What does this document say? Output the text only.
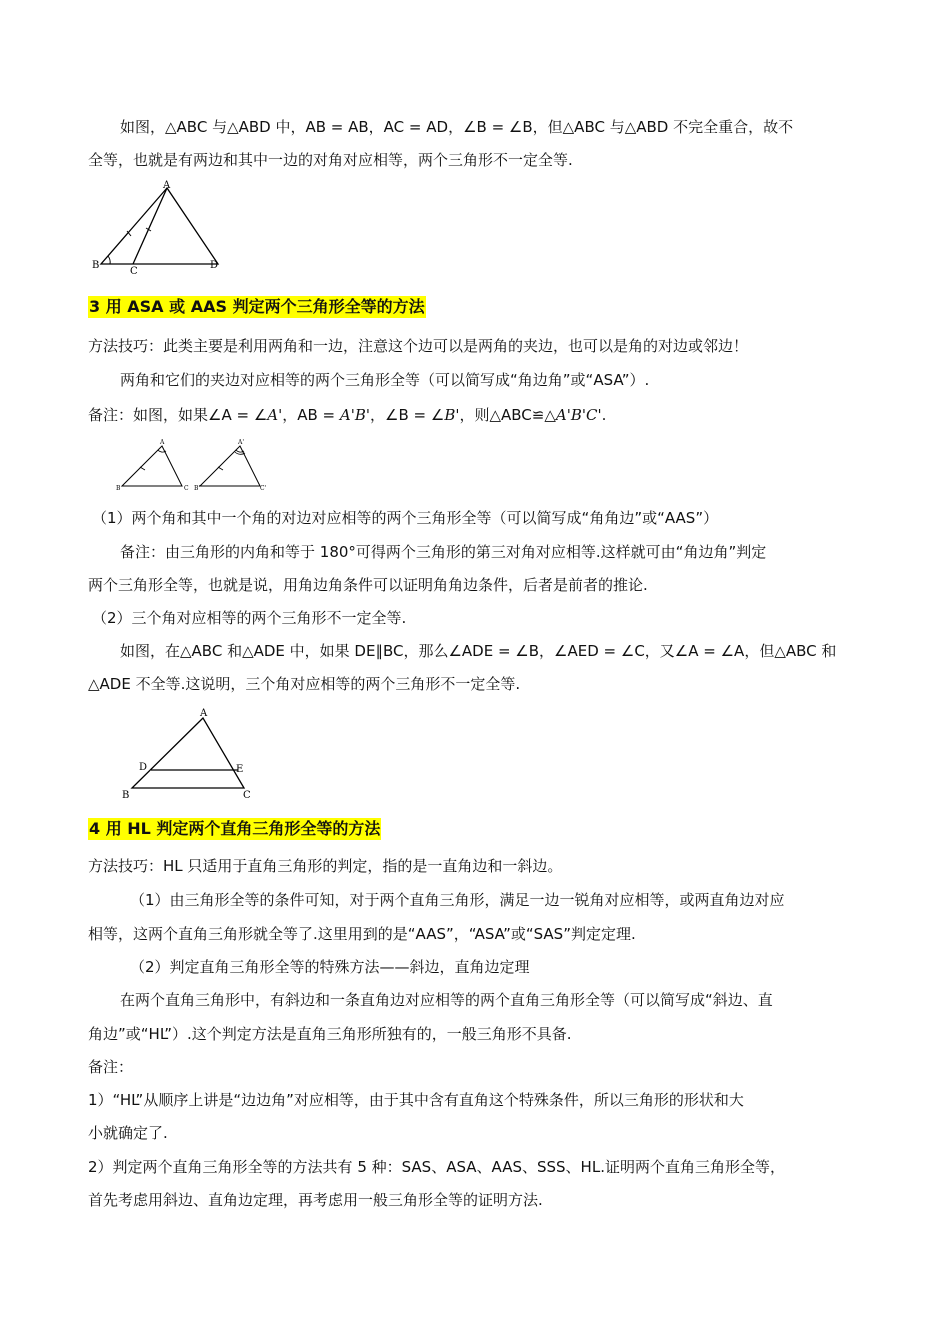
如图，△ABC 与△ABD 中，AB = AB，AC = AD，∠B = ∠B，但△ABC 与△ABD 不完全重合，故不
全等，也就是有两边和其中一边的对角对应相等，两个三角形不一定全等.
A
B
C
D
3 用 ASA 或 AAS 判定两个三角形全等的方法
方法技巧：此类主要是利用两角和一边，注意这个边可以是两角的夹边，也可以是角的对边或邻边！
两角和它们的夹边对应相等的两个三角形全等（可以简写成“角边角”或“ASA”）.
备注：如图，如果∠A = ∠A'，AB = A'B'，∠B = ∠B'，则△ABC≌△A'B'C'.
A
B	C
A'
B'	C'
（1）两个角和其中一个角的对边对应相等的两个三角形全等（可以简写成“角角边”或“AAS”）
备注：由三角形的内角和等于 180°可得两个三角形的第三对角对应相等.这样就可由“角边角”判定
两个三角形全等，也就是说，用角边角条件可以证明角角边条件，后者是前者的推论.
（2）三个角对应相等的两个三角形不一定全等.
如图，在△ABC 和△ADE 中，如果 DE∥BC，那么∠ADE = ∠B，∠AED = ∠C，又∠A = ∠A，但△ABC 和
△ADE 不全等.这说明，三个角对应相等的两个三角形不一定全等.
A
D	E
B	C
4 用 HL 判定两个直角三角形全等的方法
方法技巧：HL 只适用于直角三角形的判定，指的是一直角边和一斜边。
（1）由三角形全等的条件可知，对于两个直角三角形，满足一边一锐角对应相等，或两直角边对应
相等，这两个直角三角形就全等了.这里用到的是“AAS”，“ASA”或“SAS”判定定理.
（2）判定直角三角形全等的特殊方法——斜边，直角边定理
在两个直角三角形中，有斜边和一条直角边对应相等的两个直角三角形全等（可以简写成“斜边、直
角边”或“HL”）.这个判定方法是直角三角形所独有的，一般三角形不具备.
备注：
1）“HL”从顺序上讲是“边边角”对应相等，由于其中含有直角这个特殊条件，所以三角形的形状和大
小就确定了.
2）判定两个直角三角形全等的方法共有 5 种：SAS、ASA、AAS、SSS、HL.证明两个直角三角形全等，
首先考虑用斜边、直角边定理，再考虑用一般三角形全等的证明方法.
